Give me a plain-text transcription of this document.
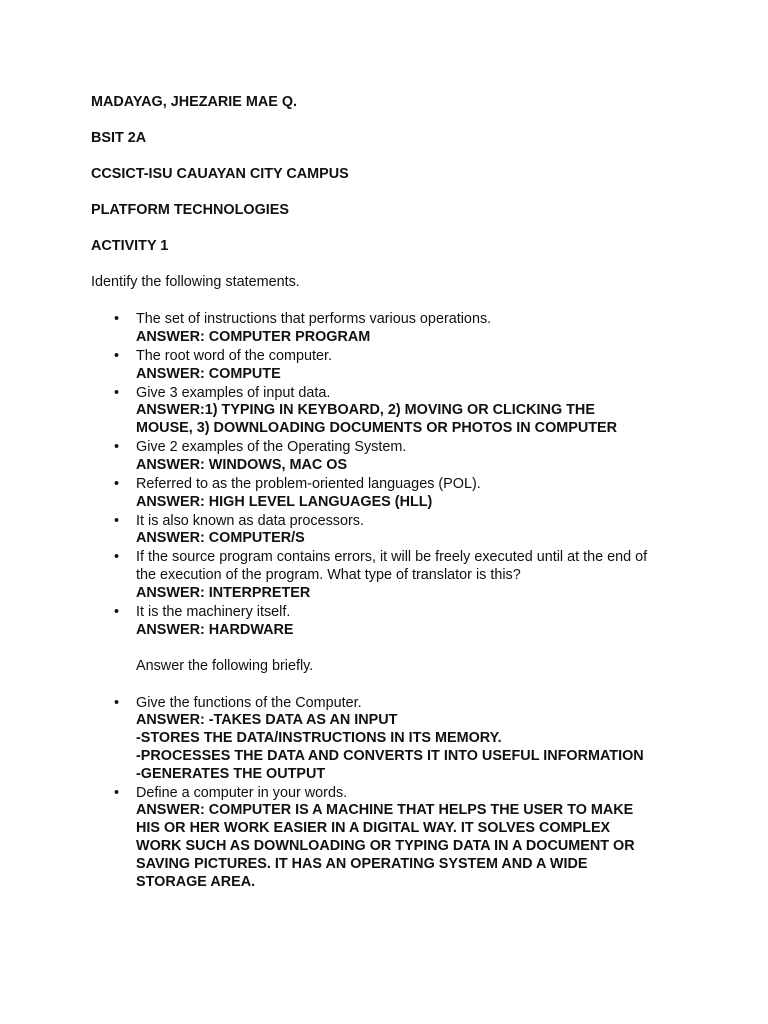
MADAYAG, JHEZARIE MAE Q.
BSIT 2A
CCSICT-ISU CAUAYAN CITY CAMPUS
PLATFORM TECHNOLOGIES
ACTIVITY 1
Identify the following statements.
• The set of instructions that performs various operations.
ANSWER: COMPUTER PROGRAM
• The root word of the computer.
ANSWER: COMPUTE
• Give 3 examples of input data.
ANSWER:1) TYPING IN KEYBOARD, 2) MOVING OR CLICKING THE
MOUSE, 3) DOWNLOADING DOCUMENTS OR PHOTOS IN COMPUTER
• Give 2 examples of the Operating System.
ANSWER: WINDOWS, MAC OS
• Referred to as the problem-oriented languages (POL).
ANSWER: HIGH LEVEL LANGUAGES (HLL)
• It is also known as data processors.
ANSWER: COMPUTER/S
• If the source program contains errors, it will be freely executed until at the end of
the execution of the program. What type of translator is this?
ANSWER: INTERPRETER
• It is the machinery itself.
ANSWER: HARDWARE
Answer the following briefly.
• Give the functions of the Computer.
ANSWER: -TAKES DATA AS AN INPUT
-STORES THE DATA/INSTRUCTIONS IN ITS MEMORY.
-PROCESSES THE DATA AND CONVERTS IT INTO USEFUL INFORMATION
-GENERATES THE OUTPUT
• Define a computer in your words.
ANSWER: COMPUTER IS A MACHINE THAT HELPS THE USER TO MAKE
HIS OR HER WORK EASIER IN A DIGITAL WAY. IT SOLVES COMPLEX
WORK SUCH AS DOWNLOADING OR TYPING DATA IN A DOCUMENT OR
SAVING PICTURES. IT HAS AN OPERATING SYSTEM AND A WIDE
STORAGE AREA.
